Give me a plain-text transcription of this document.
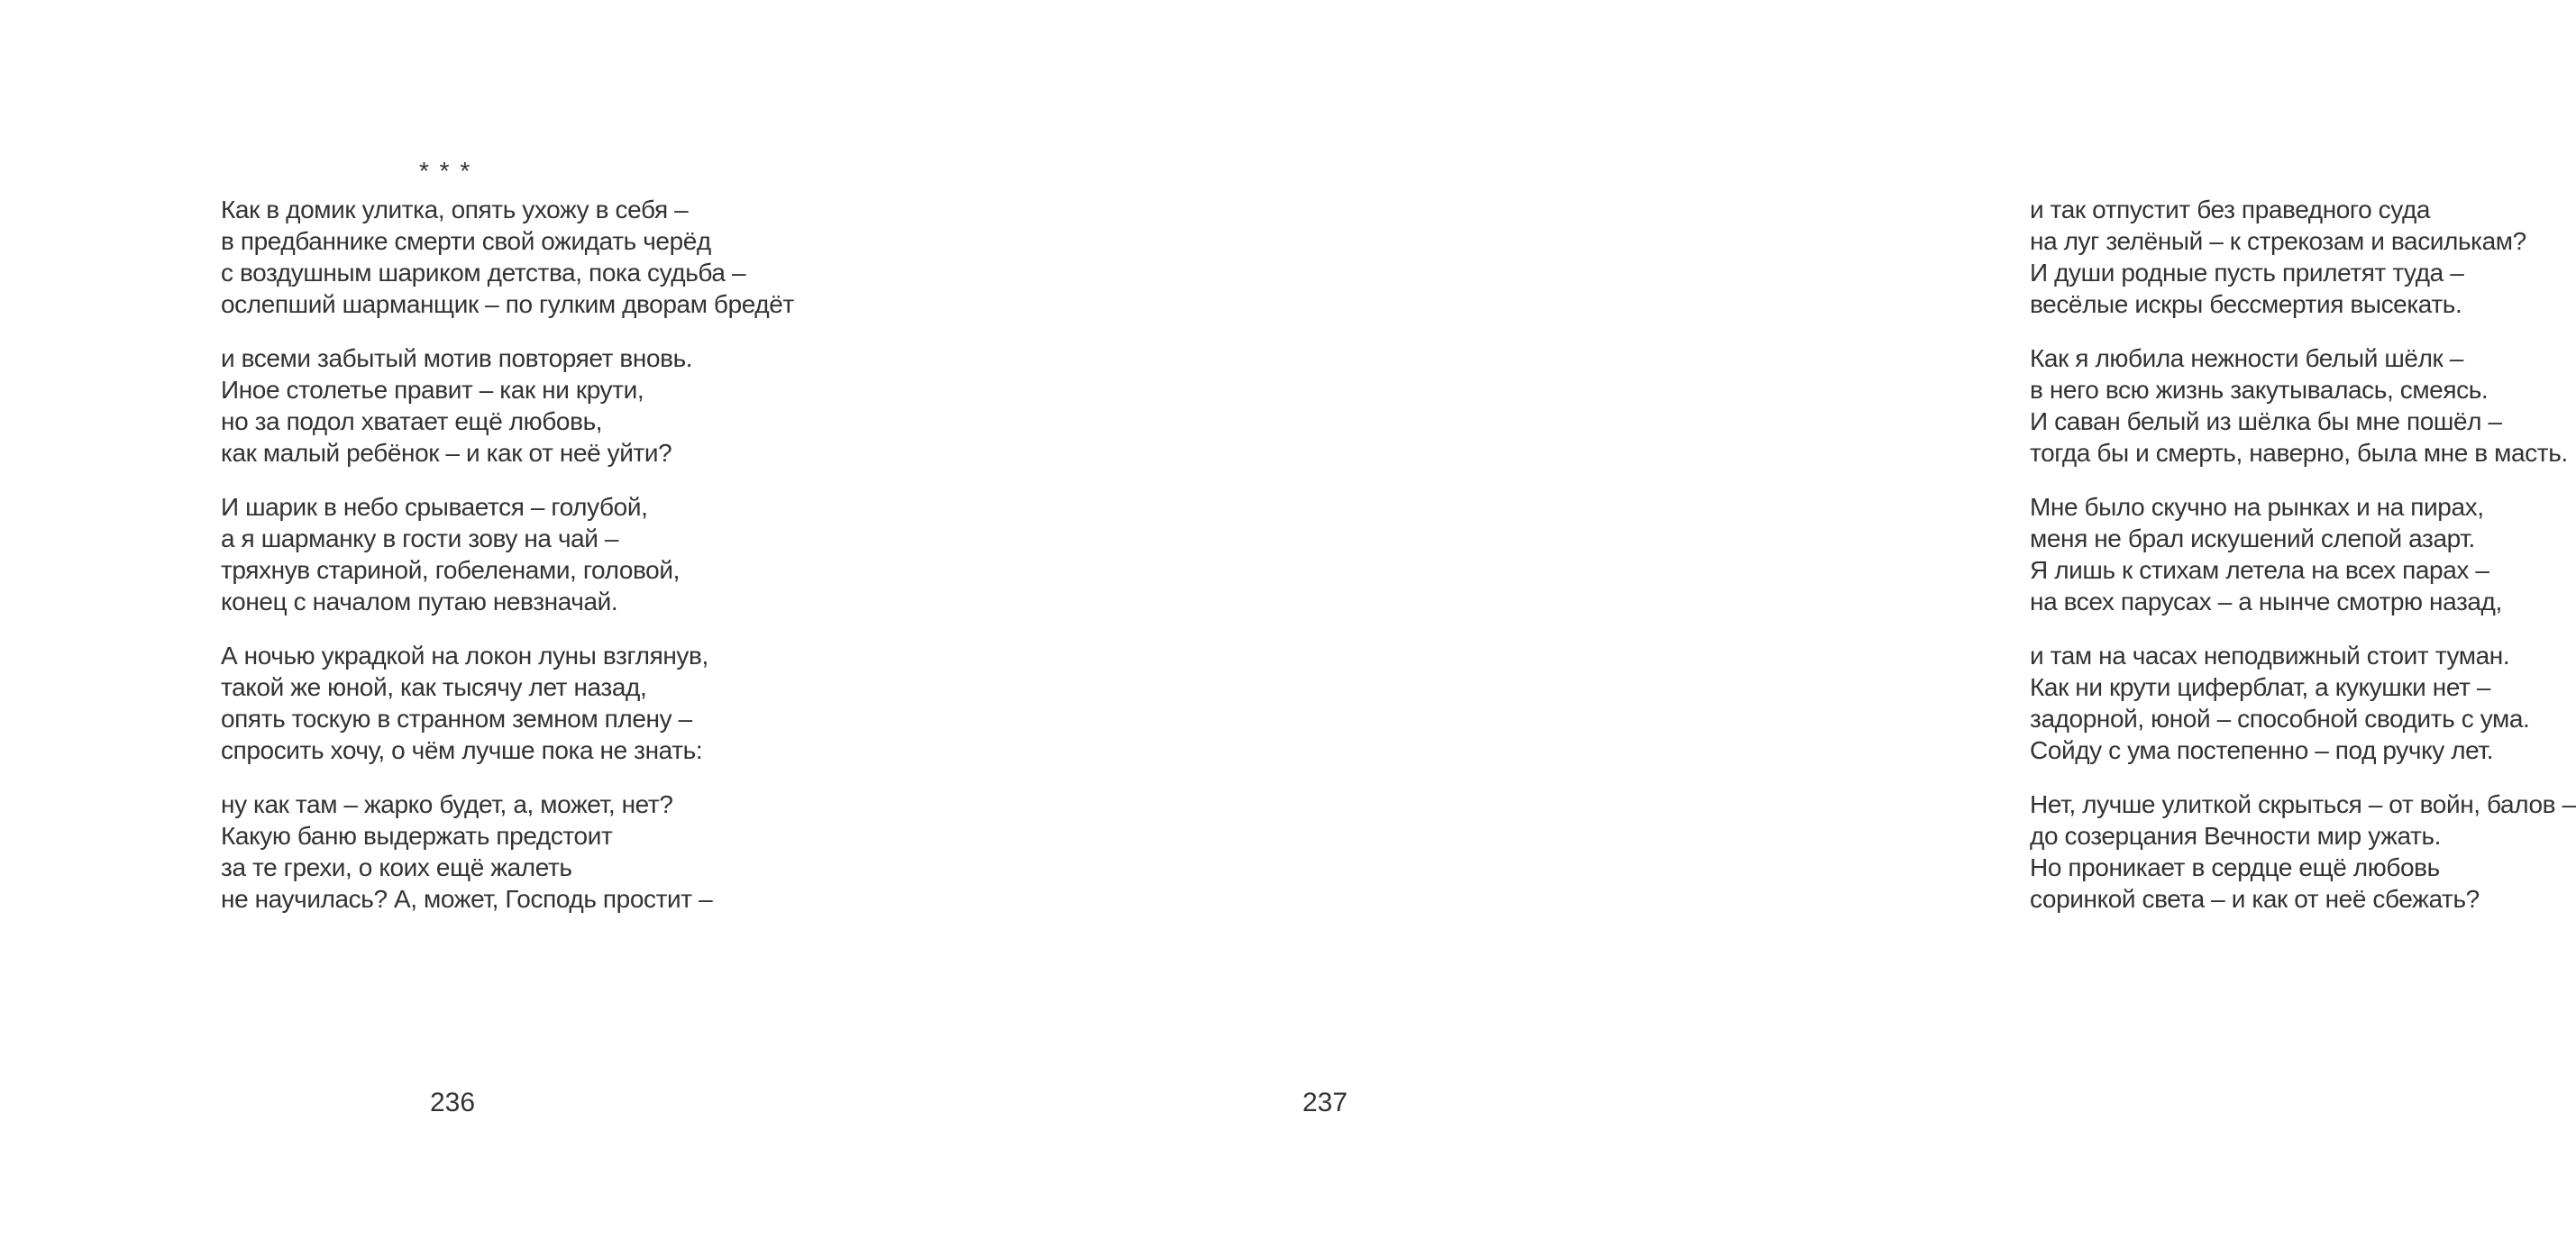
* * *
Как в домик улитка, опять ухожу в себя –
в предбаннике смерти свой ожидать черёд
с воздушным шариком детства, пока судьба –
ослепший шарманщик – по гулким дворам бредёт
и всеми забытый мотив повторяет вновь.
Иное столетье правит – как ни крути,
но за подол хватает ещё любовь,
как малый ребёнок – и как от неё уйти?
И шарик в небо срывается – голубой,
а я шарманку в гости зову на чай –
тряхнув стариной, гобеленами, головой,
конец с началом путаю невзначай.
А ночью украдкой на локон луны взглянув,
такой же юной, как тысячу лет назад,
опять тоскую в странном земном плену –
спросить хочу, о чём лучше пока не знать:
ну как там – жарко будет, а, может, нет?
Какую баню выдержать предстоит
за те грехи, о коих ещё жалеть
не научилась? А, может, Господь простит –
и так отпустит без праведного суда
на луг зелёный – к стрекозам и василькам?
И души родные пусть прилетят туда –
весёлые искры бессмертия высекать.
Как я любила нежности белый шёлк –
в него всю жизнь закутывалась, смеясь.
И саван белый из шёлка бы мне пошёл –
тогда бы и смерть, наверно, была мне в масть.
Мне было скучно на рынках и на пирах,
меня не брал искушений слепой азарт.
Я лишь к стихам летела на всех парах –
на всех парусах – а нынче смотрю назад,
и там на часах неподвижный стоит туман.
Как ни крути циферблат, а кукушки нет –
задорной, юной – способной сводить с ума.
Сойду с ума постепенно – под ручку лет.
Нет, лучше улиткой скрыться – от войн, балов –
до созерцания Вечности мир ужать.
Но проникает в сердце ещё любовь
соринкой света – и как от неё сбежать?
236	237
